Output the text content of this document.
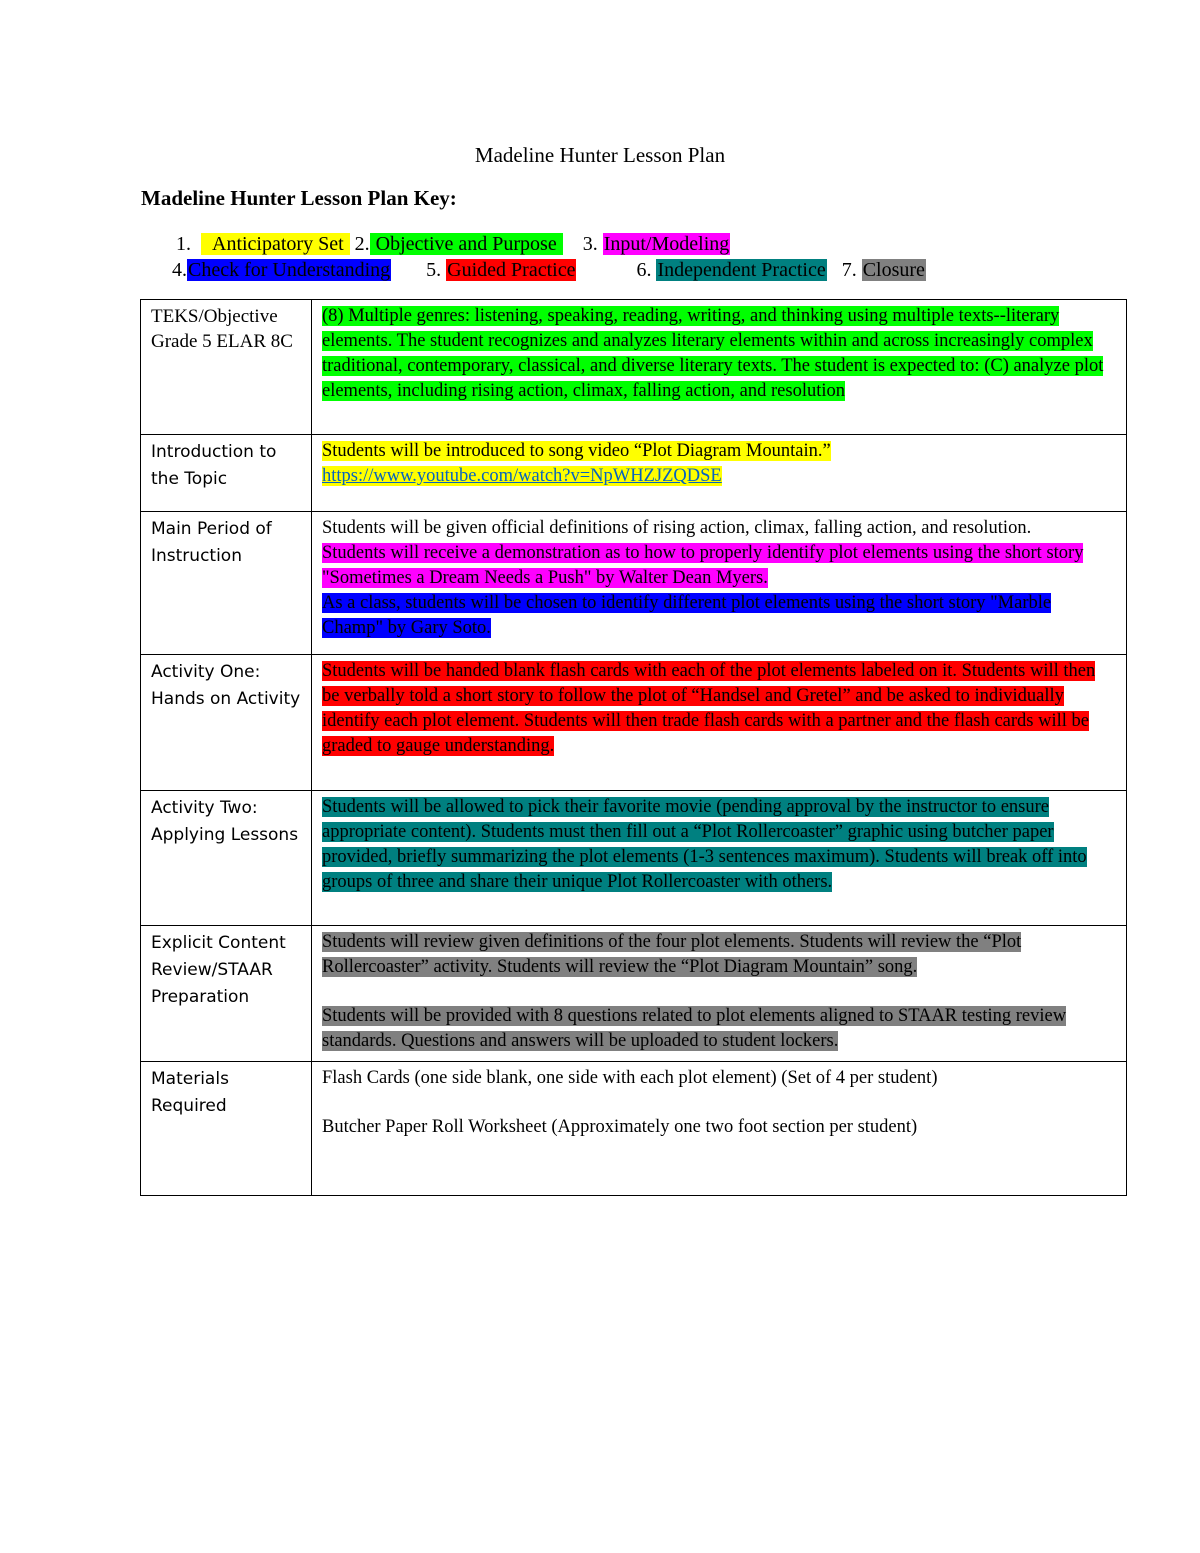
Madeline Hunter Lesson Plan
Madeline Hunter Lesson Plan Key:
1. Anticipatory Set 2. Objective and Purpose 3. Input/Modeling
4.Check for Understanding 5. Guided Practice	6. Independent Practice 7. Closure
TEKS/Objective Grade 5 ELAR 8C	(8) Multiple genres: listening, speaking, reading, writing, and thinking using multiple texts--literary elements. The student recognizes and analyzes literary elements within and across increasingly complex traditional, contemporary, classical, and diverse literary texts. The student is expected to: (C) analyze plot elements, including rising action, climax, falling action, and resolution
Introduction to the Topic	Students will be introduced to song video “Plot Diagram Mountain.”
https://www.youtube.com/watch?v=NpWHZJZQDSE
Main Period of Instruction	Students will be given official definitions of rising action, climax, falling action, and resolution.
Students will receive a demonstration as to how to properly identify plot elements using the short story "Sometimes a Dream Needs a Push" by Walter Dean Myers.
As a class, students will be chosen to identify different plot elements using the short story "Marble Champ" by Gary Soto.
Activity One: Hands on Activity	Students will be handed blank flash cards with each of the plot elements labeled on it. Students will then be verbally told a short story to follow the plot of “Handsel and Gretel” and be asked to individually identify each plot element. Students will then trade flash cards with a partner and the flash cards will be graded to gauge understanding.
Activity Two: Applying Lessons	Students will be allowed to pick their favorite movie (pending approval by the instructor to ensure appropriate content). Students must then fill out a “Plot Rollercoaster” graphic using butcher paper provided, briefly summarizing the plot elements (1-3 sentences maximum). Students will break off into groups of three and share their unique Plot Rollercoaster with others.
Explicit Content Review/STAAR Preparation	Students will review given definitions of the four plot elements. Students will review the “Plot Rollercoaster” activity. Students will review the “Plot Diagram Mountain” song.
Students will be provided with 8 questions related to plot elements aligned to STAAR testing review standards. Questions and answers will be uploaded to student lockers.
Materials Required	Flash Cards (one side blank, one side with each plot element) (Set of 4 per student)
Butcher Paper Roll Worksheet (Approximately one two foot section per student)
